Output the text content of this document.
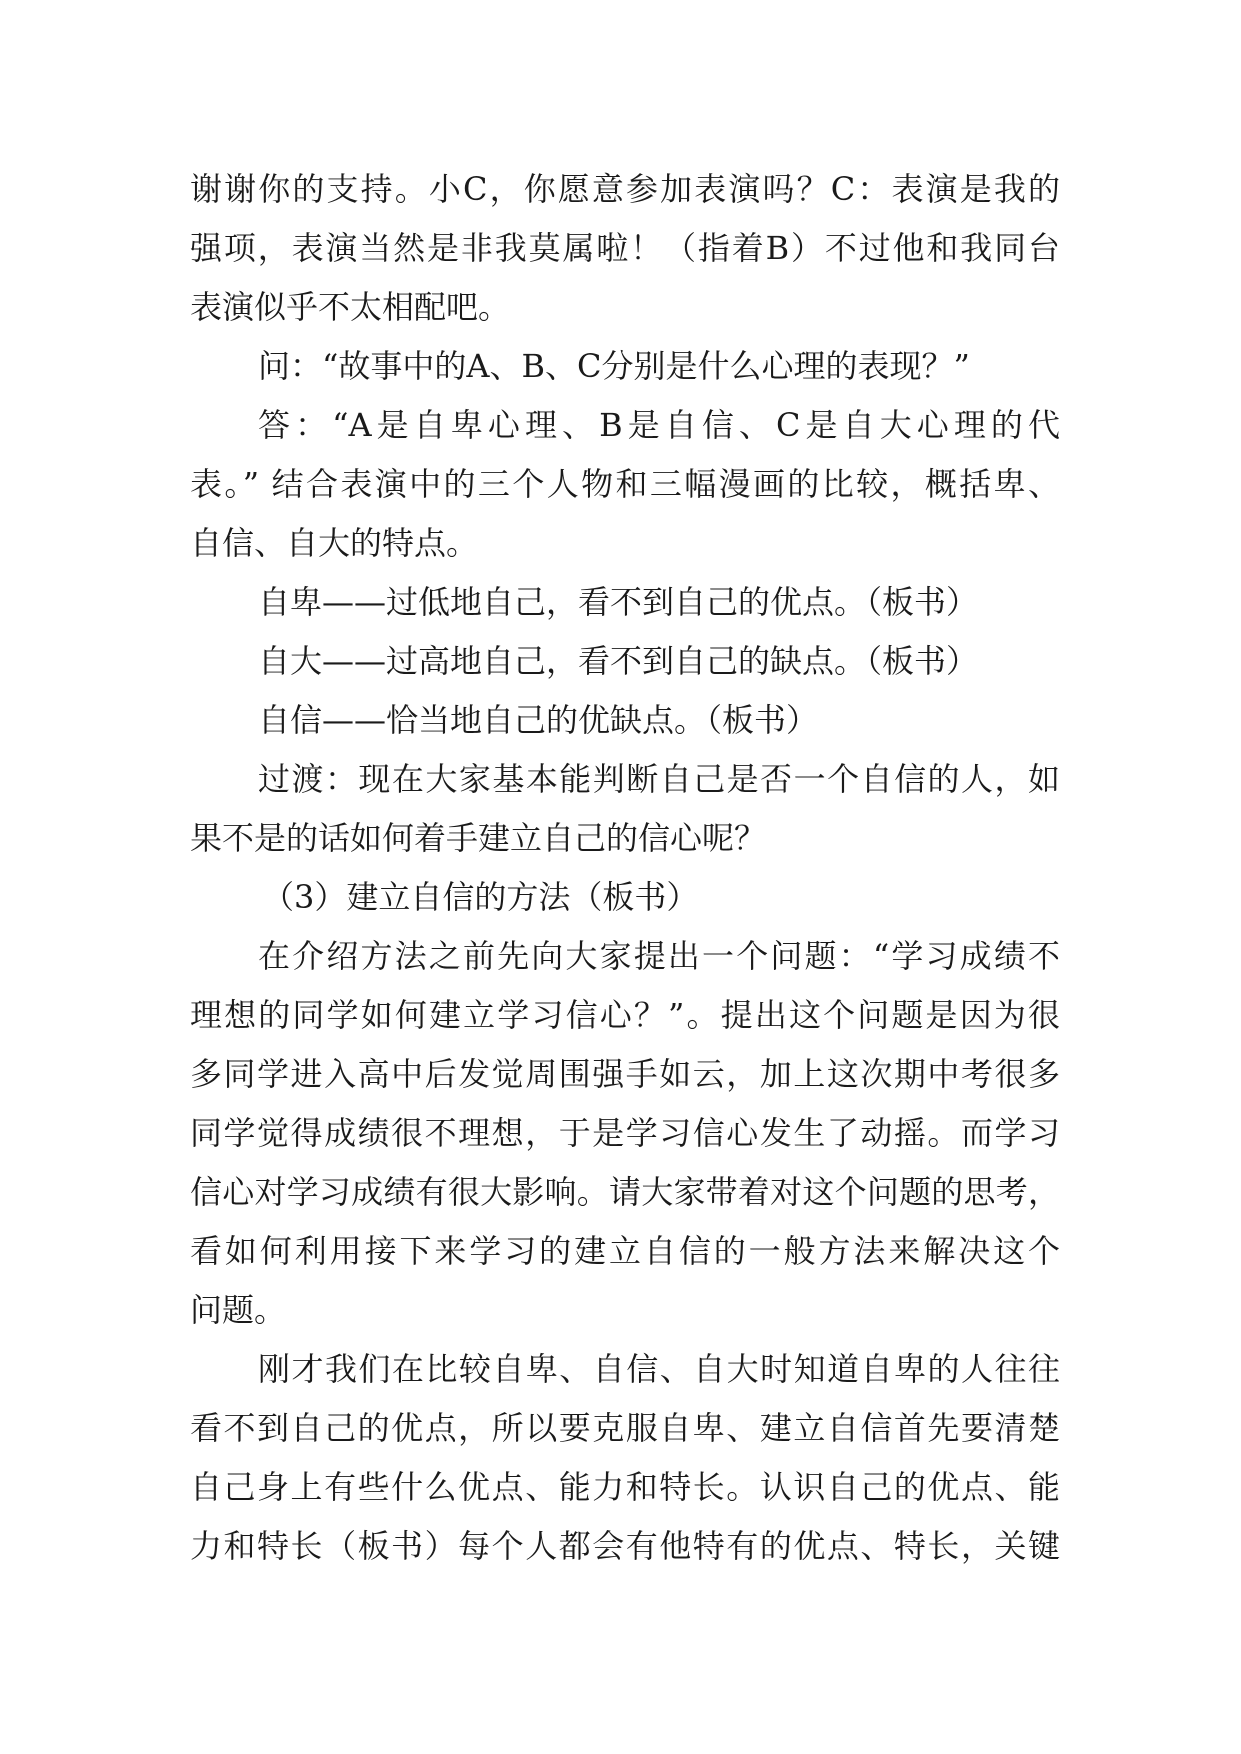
谢谢你的支持。小C，你愿意参加表演吗？C：表演是我的
强项，表演当然是非我莫属啦！（指着B）不过他和我同台
表演似乎不太相配吧。
问：“故事中的A、B、C分别是什么心理的表现？”
答：“A是自卑心理、B是自信、C是自大心理的代
表。” 结合表演中的三个人物和三幅漫画的比较，概括卑、
自信、自大的特点。
自卑——过低地自己，看不到自己的优点。（板书）
自大——过高地自己，看不到自己的缺点。（板书）
自信——恰当地自己的优缺点。（板书）
过渡：现在大家基本能判断自己是否一个自信的人，如
果不是的话如何着手建立自己的信心呢？
（3）建立自信的方法（板书）
在介绍方法之前先向大家提出一个问题：“学习成绩不
理想的同学如何建立学习信心？”。提出这个问题是因为很
多同学进入高中后发觉周围强手如云，加上这次期中考很多
同学觉得成绩很不理想，于是学习信心发生了动摇。而学习
信心对学习成绩有很大影响。请大家带着对这个问题的思考，
看如何利用接下来学习的建立自信的一般方法来解决这个
问题。
刚才我们在比较自卑、自信、自大时知道自卑的人往往
看不到自己的优点，所以要克服自卑、建立自信首先要清楚
自己身上有些什么优点、能力和特长。认识自己的优点、能
力和特长（板书）每个人都会有他特有的优点、特长，关键
